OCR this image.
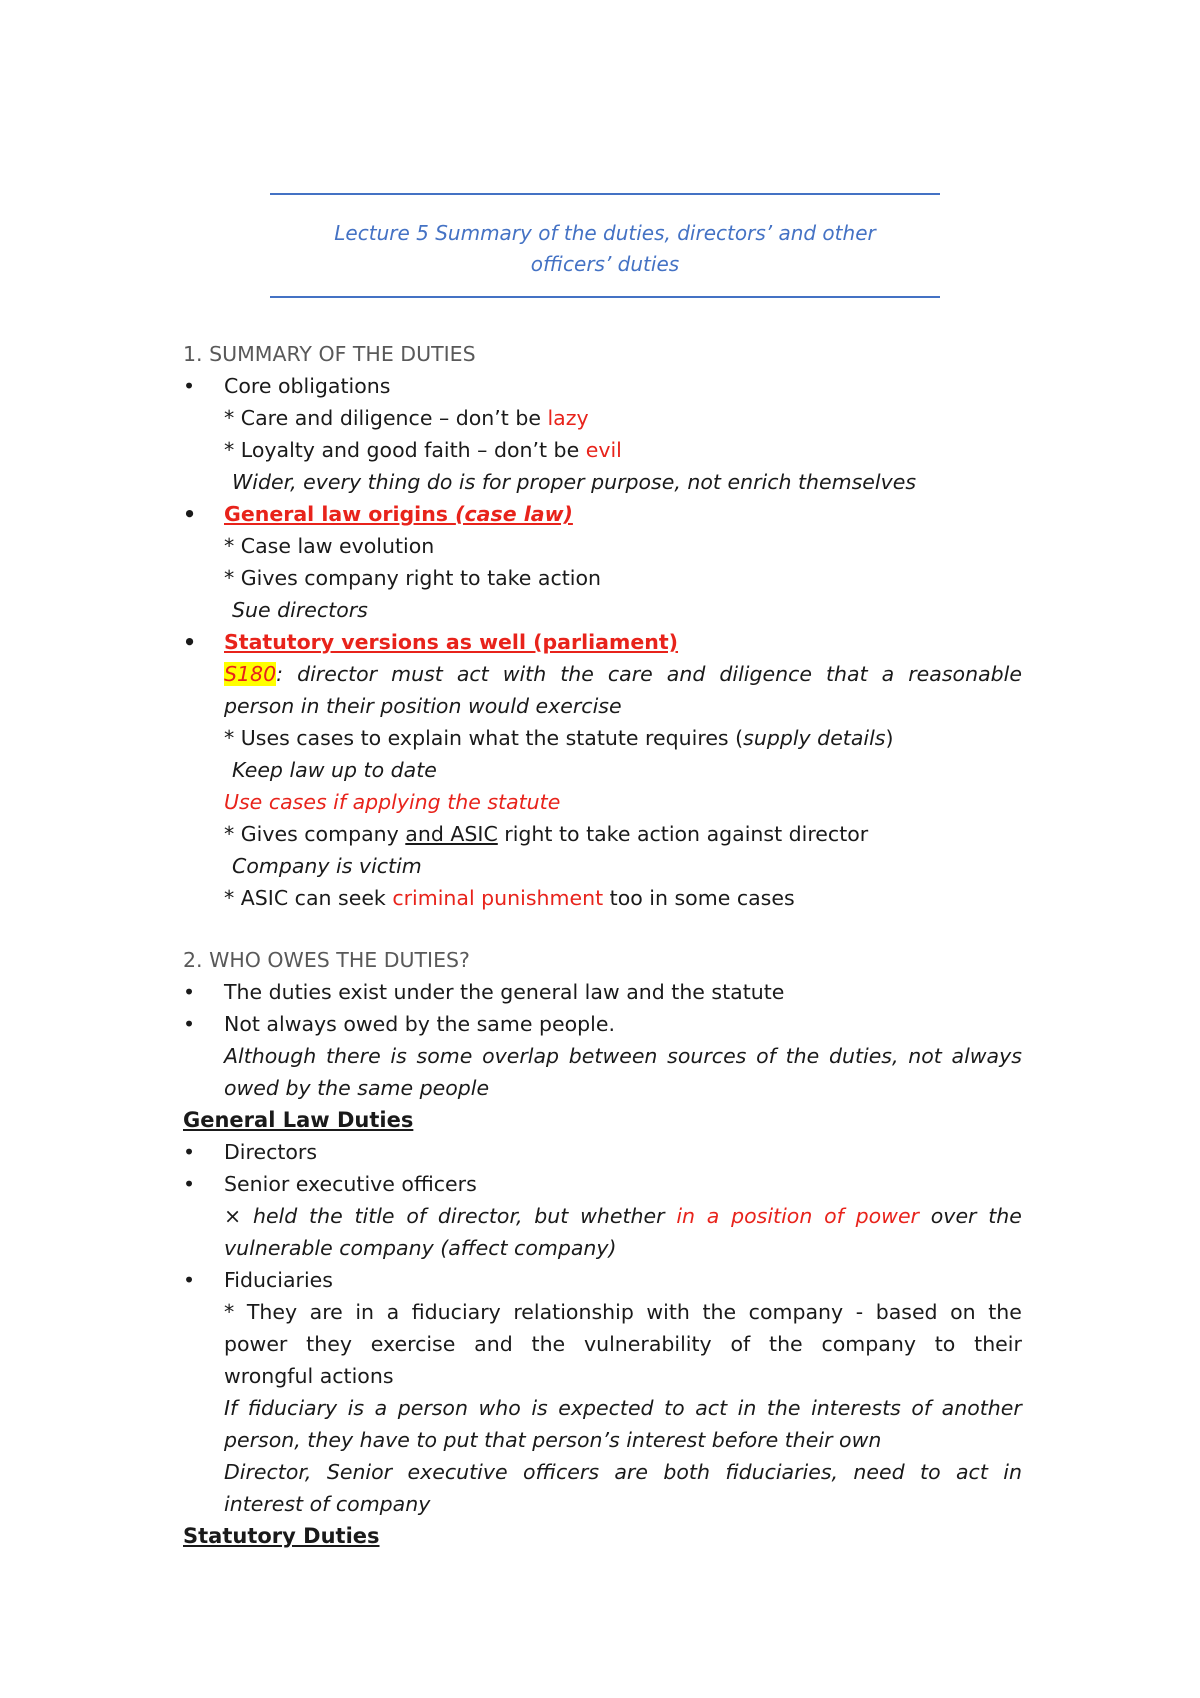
Lecture 5 Summary of the duties, directors’ and other
officers’ duties
1. SUMMARY OF THE DUTIES
• Core obligations
* Care and diligence – don’t be lazy
* Loyalty and good faith – don’t be evil
Wider, every thing do is for proper purpose, not enrich themselves
• General law origins (case law)
* Case law evolution
* Gives company right to take action
Sue directors
• Statutory versions as well (parliament)
S180: director must act with the care and diligence that a reasonable
person in their position would exercise
* Uses cases to explain what the statute requires (supply details)
Keep law up to date
Use cases if applying the statute
* Gives company and ASIC right to take action against director
Company is victim
* ASIC can seek criminal punishment too in some cases
2. WHO OWES THE DUTIES?
• The duties exist under the general law and the statute
• Not always owed by the same people.
Although there is some overlap between sources of the duties, not always
owed by the same people
General Law Duties
• Directors
• Senior executive officers
× held the title of director, but whether in a position of power over the
vulnerable company (affect company)
• Fiduciaries
* They are in a fiduciary relationship with the company - based on the
power they exercise and the vulnerability of the company to their
wrongful actions
If fiduciary is a person who is expected to act in the interests of another
person, they have to put that person’s interest before their own
Director, Senior executive officers are both fiduciaries, need to act in
interest of company
Statutory Duties
